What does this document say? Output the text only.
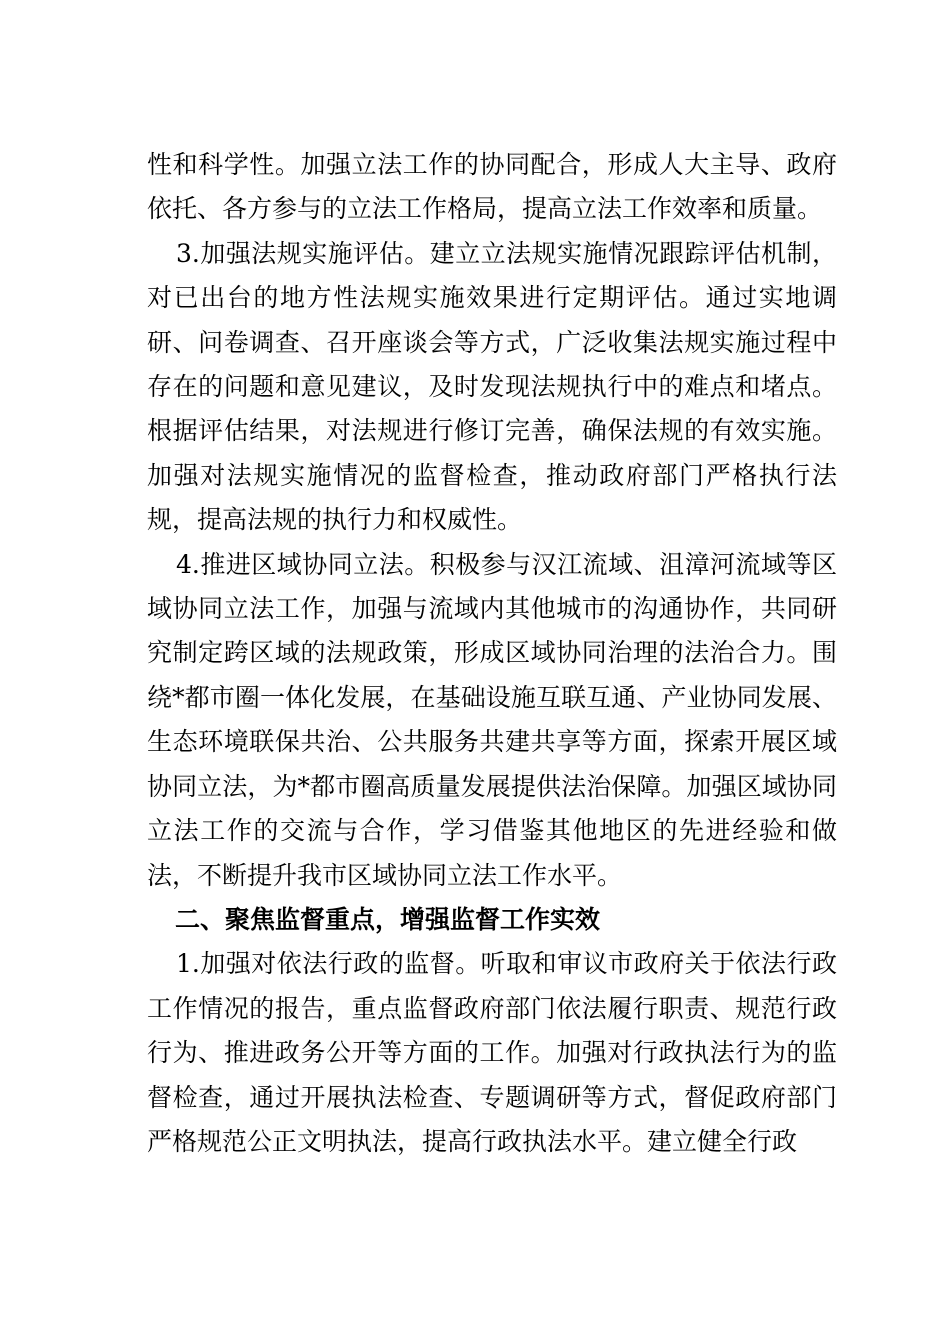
性和科学性。加强立法工作的协同配合，形成人大主导、政府依托、各方参与的立法工作格局，提高立法工作效率和质量。

3.加强法规实施评估。建立立法规实施情况跟踪评估机制，对已出台的地方性法规实施效果进行定期评估。通过实地调研、问卷调查、召开座谈会等方式，广泛收集法规实施过程中存在的问题和意见建议，及时发现法规执行中的难点和堵点。根据评估结果，对法规进行修订完善，确保法规的有效实施。加强对法规实施情况的监督检查，推动政府部门严格执行法规，提高法规的执行力和权威性。

4.推进区域协同立法。积极参与汉江流域、沮漳河流域等区域协同立法工作，加强与流域内其他城市的沟通协作，共同研究制定跨区域的法规政策，形成区域协同治理的法治合力。围绕*都市圈一体化发展，在基础设施互联互通、产业协同发展、生态环境联保共治、公共服务共建共享等方面，探索开展区域协同立法，为*都市圈高质量发展提供法治保障。加强区域协同立法工作的交流与合作，学习借鉴其他地区的先进经验和做法，不断提升我市区域协同立法工作水平。

二、聚焦监督重点，增强监督工作实效

1.加强对依法行政的监督。听取和审议市政府关于依法行政工作情况的报告，重点监督政府部门依法履行职责、规范行政行为、推进政务公开等方面的工作。加强对行政执法行为的监督检查，通过开展执法检查、专题调研等方式，督促政府部门严格规范公正文明执法，提高行政执法水平。建立健全行政
